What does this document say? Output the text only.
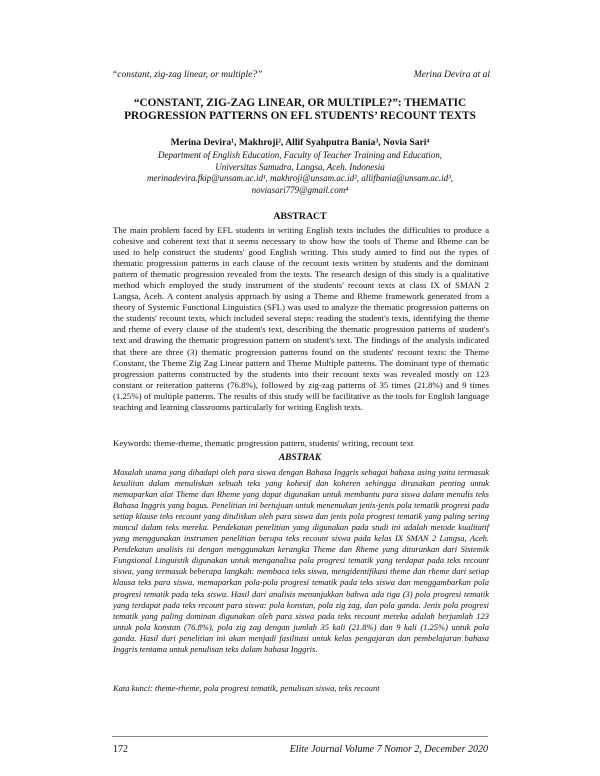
“constant, zig-zag linear, or multiple?”	Merina Devira at al
“CONSTANT, ZIG-ZAG LINEAR, OR MULTIPLE?”: THEMATIC
PROGRESSION PATTERNS ON EFL STUDENTS’ RECOUNT TEXTS
Merina Devira¹, Makhroji², Allif Syahputra Bania³, Novia Sari⁴
Department of English Education, Faculty of Teacher Training and Education,
Universitas Samudra, Langsa, Aceh. Indonesia
merinadevira.fkip@unsam.ac.id¹, makhroji@unsam.ac.id², allifbania@unsam.ac.id³,
noviasari779@gmail.com⁴
ABSTRACT
The main problem faced by EFL students in writing English texts includes the difficulties to produce a cohesive and coherent text that it seems necessary to show how the tools of Theme and Rheme can be used to help construct the students' good English writing. This study aimed to find out the types of thematic progression patterns in each clause of the recount texts written by students and the dominant pattern of thematic progression revealed from the texts. The research design of this study is a qualitative method which employed the study instrument of the students' recount texts at class IX of SMAN 2 Langsa, Aceh. A content analysis approach by using a Theme and Rheme framework generated from a theory of Systemic Functional Linguistics (SFL) was used to analyze the thematic progression patterns on the students' recount texts, which included several steps: reading the student's texts, identifying the theme and rheme of every clause of the student's text, describing the thematic progression patterns of student's text and drawing the thematic progression pattern on student's text. The findings of the analysis indicated that there are three (3) thematic progression patterns found on the students' recount texts: the Theme Constant, the Theme Zig Zag Linear pattern and Theme Multiple patterns. The dominant type of thematic progression patterns constructed by the students into their recount texts was revealed mostly on 123 constant or reiteration patterns (76.8%), followed by zig-zag patterns of 35 times (21.8%) and 9 times (1.25%) of multiple patterns. The results of this study will be facilitative as the tools for English language teaching and learning classrooms particularly for writing English texts.
Keywords: theme-rheme, thematic progression pattern, students' writing, recount text
ABSTRAK
Masalah utama yang dihadapi oleh para siswa dengan Bahasa Inggris sebagai bahasa asing yaitu termasuk kesulitan dalam menuliskan sebuah teks yang kohesif dan koheren sehingga dirasakan penting untuk memaparkan alat Theme dan Rheme yang dapat digunakan untuk membantu para siswa dalam menulis teks Bahasa Inggris yang bagus. Penelitian ini bertujuan untuk menemukan jenis-jenis pola tematik progresi pada setiap klause teks recount yang dituliskan oleh para siswa dan jenis pola progresi tematik yang paling sering muncul dalam teks mereka. Pendekatan penelitian yang digunakan pada studi ini adalah metode kualitatif yang menggunakan instrumen penelitian berupa teks recount siswa pada kelas IX SMAN 2 Langsa, Aceh. Pendekatan analisis isi dengan menggunakan kerangka Theme dan Rheme yang diturunkan dari Sistemik Fungsional Linguistik digunakan untuk menganalisa pola progresi tematik yang terdapat pada teks recount siswa, yang termasuk beberapa langkah: membaca teks siswa, mengidentifikasi theme dan rheme dari setiap klausa teks para siswa, memaparkan pola-pola progresi tematik pada teks siswa dan menggambarkan pola progresi tematik pada teks siswa. Hasil dari analisis menunjukkan bahwa ada tiga (3) pola progresi tematik yang terdapat pada teks recount para siswa: pola konstan, pola zig zag, dan pola ganda. Jenis pola progresi tematik yang paling dominan digunakan oleh para siswa pada teks recount mereka adalah berjumlah 123 untuk pola konstan (76.8%), pola zig zag dengan jumlah 35 kali (21.8%) dan 9 kali (1.25%) untuk pola ganda. Hasil dari penelitian ini akan menjadi fasilitasi untuk kelas pengajaran dan pembelajaran bahasa Inggris tentama untuk penulisan teks dalam bahasa Inggris.
Kata kunci: theme-rheme, pola progresi tematik, penulisan siswa, teks recount
172	Elite Journal Volume 7 Nomor 2, December 2020
